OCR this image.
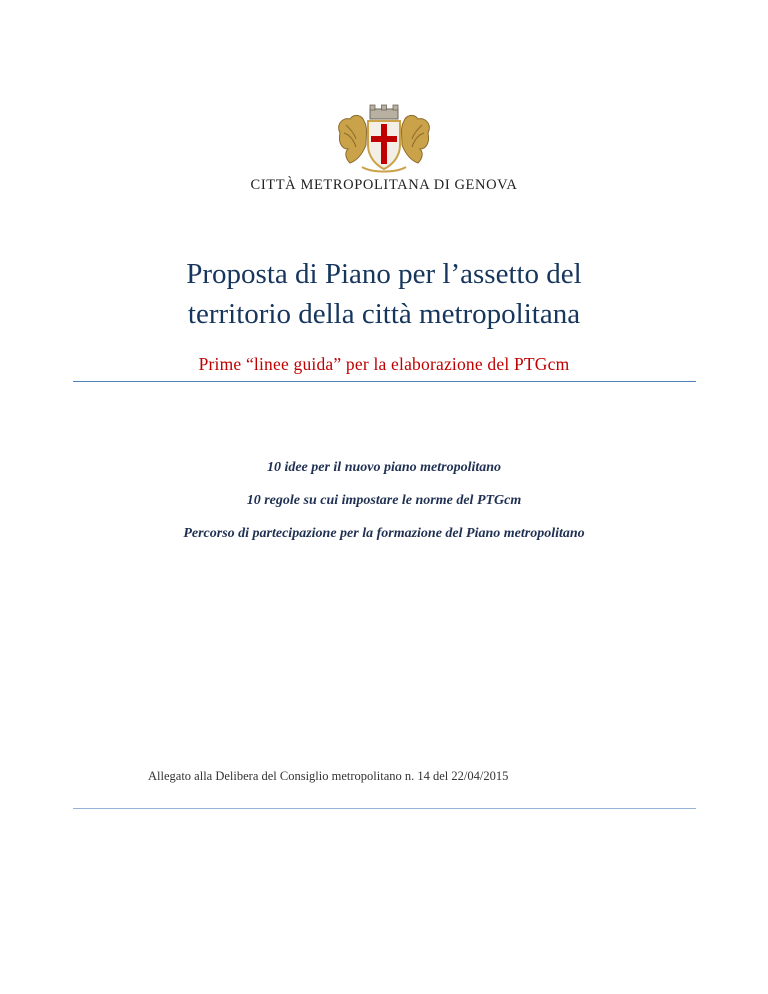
CITTÀ METROPOLITANA DI GENOVA
Proposta di Piano per l’assetto del
territorio della città metropolitana
Prime “linee guida” per la elaborazione del PTGcm
10 idee per il nuovo piano metropolitano
10 regole su cui impostare le norme del PTGcm
Percorso di partecipazione per la formazione del Piano metropolitano
Allegato alla Delibera del Consiglio metropolitano n. 14 del 22/04/2015
